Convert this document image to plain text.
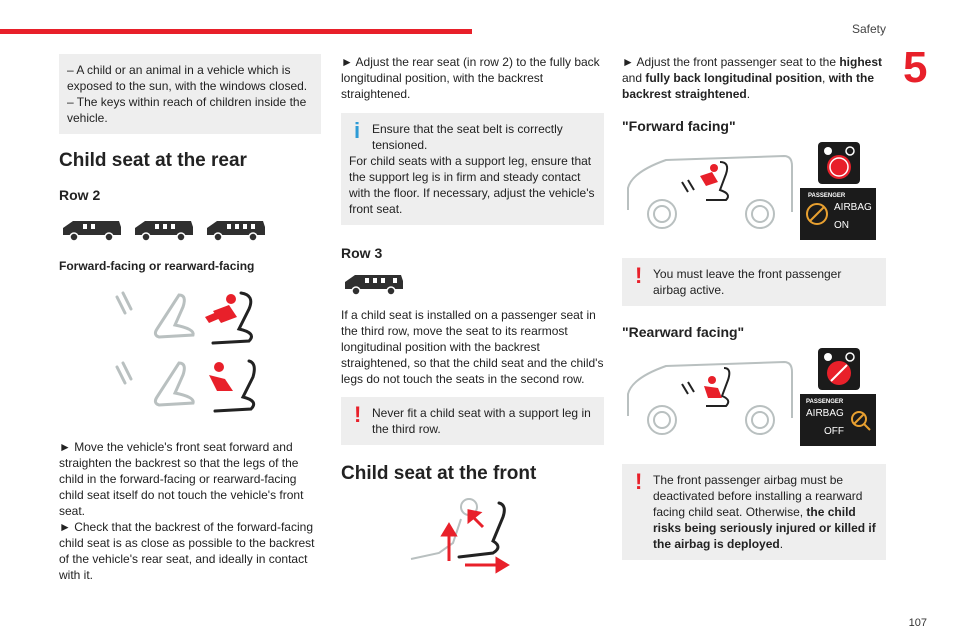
Safety
5
107

– A child or an animal in a vehicle which is exposed to the sun, with the windows closed.

– The keys within reach of children inside the vehicle.

Child seat at the rear
Row 2

Forward-facing or rearward-facing

► Move the vehicle's front seat forward and straighten the backrest so that the legs of the child in the forward-facing or rearward-facing child seat itself do not touch the vehicle's front seat.

► Check that the backrest of the forward-facing child seat is as close as possible to the backrest of the vehicle's rear seat, and ideally in contact with it.

► Adjust the rear seat (in row 2) to the fully back longitudinal position, with the backrest straightened.

i Ensure that the seat belt is correctly tensioned.

For child seats with a support leg, ensure that the support leg is in firm and steady contact with the floor. If necessary, adjust the vehicle's front seat.

Row 3

If a child seat is installed on a passenger seat in the third row, move the seat to its rearmost longitudinal position with the backrest straightened, so that the child seat and the child's legs do not touch the seats in the second row.

! Never fit a child seat with a support leg in the third row.

Child seat at the front

► Adjust the front passenger seat to the highest and fully back longitudinal position, with the backrest straightened.

"Forward facing"
PASSENGER
AIRBAG
ON
! You must leave the front passenger airbag active.

"Rearward facing"
PASSENGER
AIRBAG
OFF
! The front passenger airbag must be deactivated before installing a rearward facing child seat. Otherwise, the child risks being seriously injured or killed if the airbag is deployed.
